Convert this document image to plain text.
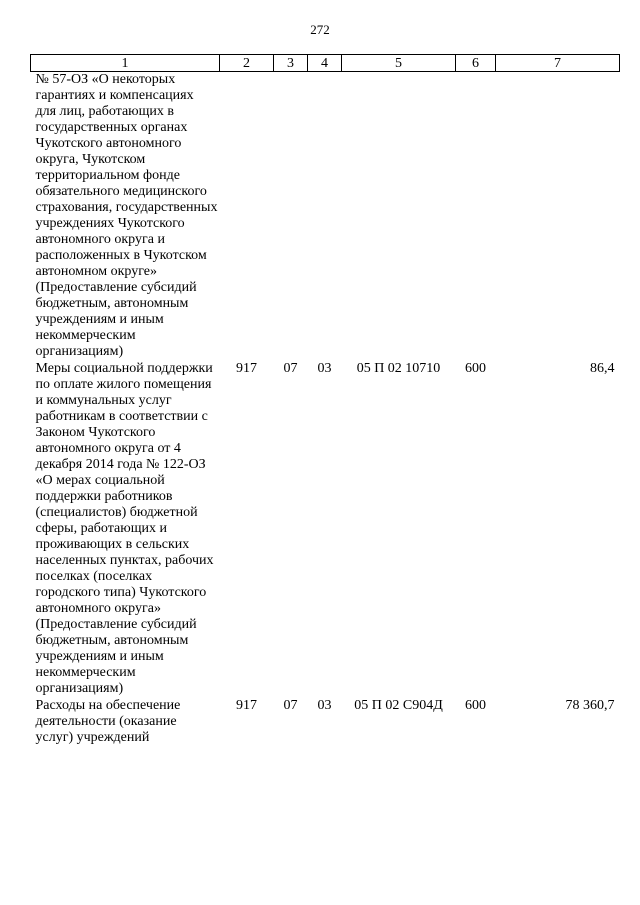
272
1	2	3	4	5	6	7
№ 57-ОЗ «О некоторых гарантиях и компенсациях для лиц, работающих в государственных органах Чукотского автономного округа, Чукотском территориальном фонде обязательного медицинского страхования, государственных учреждениях Чукотского автономного округа и расположенных в Чукотском автономном округе» (Предоставление субсидий бюджетным, автономным учреждениям и иным некоммерческим организациям)						
Меры социальной поддержки по оплате жилого помещения и коммунальных услуг работникам в соответствии с Законом Чукотского автономного округа от 4 декабря 2014 года № 122-ОЗ «О мерах социальной поддержки работников (специалистов) бюджетной сферы, работающих и проживающих в сельских населенных пунктах, рабочих поселках (поселках городского типа) Чукотского автономного округа» (Предоставление субсидий бюджетным, автономным учреждениям и иным некоммерческим организациям)	917	07	03	05 П 02 10710	600	86,4
Расходы на обеспечение деятельности (оказание услуг) учреждений	917	07	03	05 П 02 С904Д	600	78 360,7
